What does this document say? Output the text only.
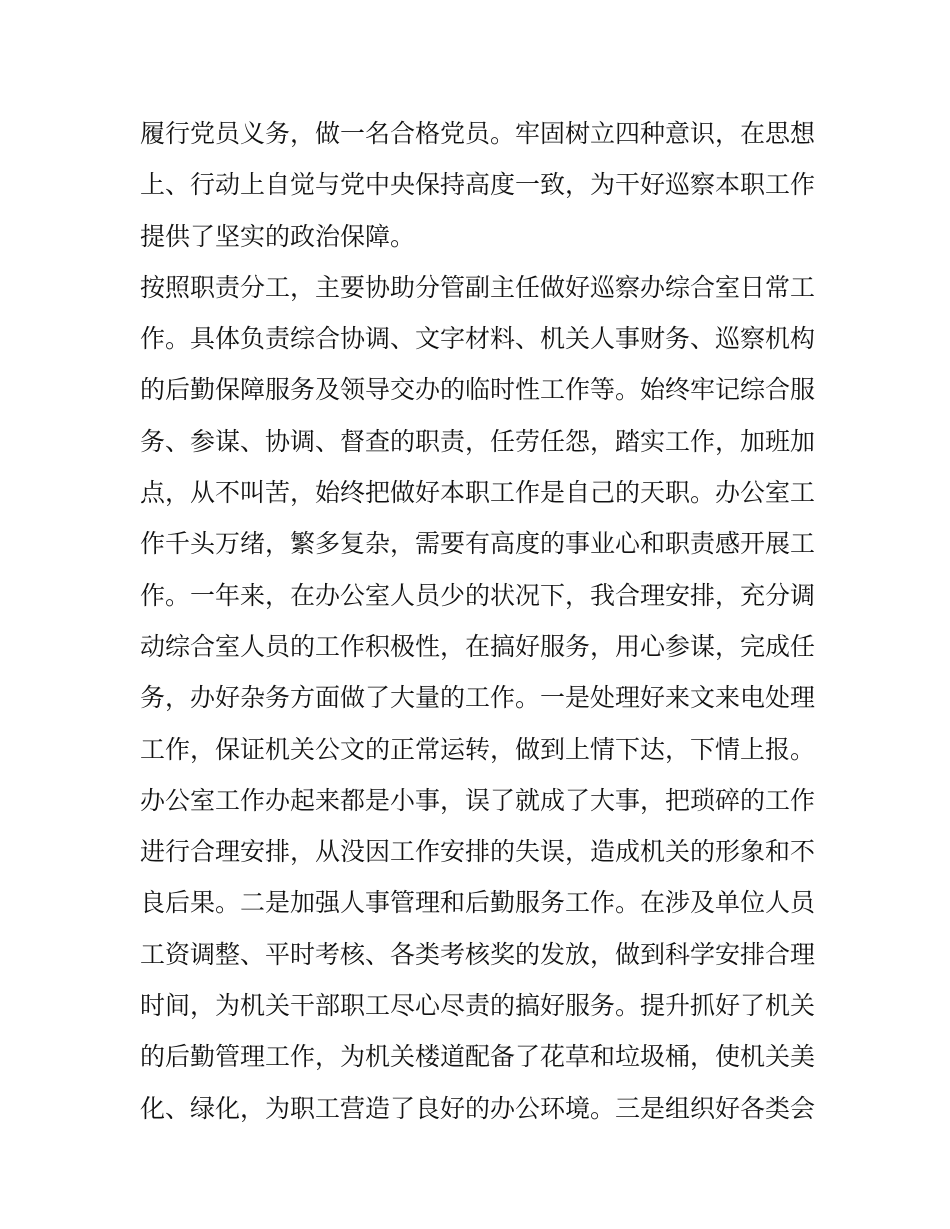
履行党员义务，做一名合格党员。牢固树立四种意识，在思想
上、行动上自觉与党中央保持高度一致，为干好巡察本职工作
提供了坚实的政治保障。
按照职责分工，主要协助分管副主任做好巡察办综合室日常工
作。具体负责综合协调、文字材料、机关人事财务、巡察机构
的后勤保障服务及领导交办的临时性工作等。始终牢记综合服
务、参谋、协调、督查的职责，任劳任怨，踏实工作，加班加
点，从不叫苦，始终把做好本职工作是自己的天职。办公室工
作千头万绪，繁多复杂，需要有高度的事业心和职责感开展工
作。一年来，在办公室人员少的状况下，我合理安排，充分调
动综合室人员的工作积极性，在搞好服务，用心参谋，完成任
务，办好杂务方面做了大量的工作。一是处理好来文来电处理
工作，保证机关公文的正常运转，做到上情下达，下情上报。
办公室工作办起来都是小事，误了就成了大事，把琐碎的工作
进行合理安排，从没因工作安排的失误，造成机关的形象和不
良后果。二是加强人事管理和后勤服务工作。在涉及单位人员
工资调整、平时考核、各类考核奖的发放，做到科学安排合理
时间，为机关干部职工尽心尽责的搞好服务。提升抓好了机关
的后勤管理工作，为机关楼道配备了花草和垃圾桶，使机关美
化、绿化，为职工营造了良好的办公环境。三是组织好各类会
